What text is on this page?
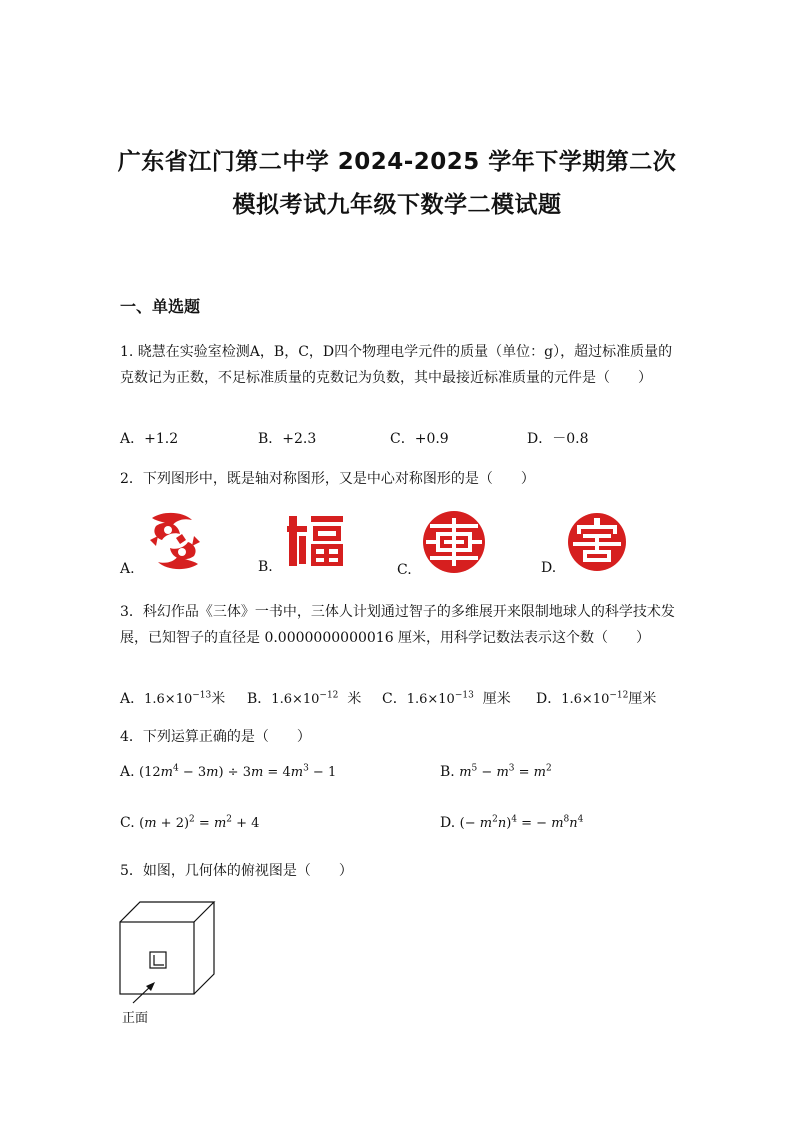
广东省江门第二中学 2024-2025 学年下学期第二次
模拟考试九年级下数学二模试题
一、单选题
1. 晓慧在实验室检测A，B，C，D四个物理电学元件的质量（单位：g），超过标准质量的克数记为正数，不足标准质量的克数记为负数，其中最接近标准质量的元件是（　　）
A．+1.2	B．+2.3	C．+0.9	D．－0.8
2．下列图形中，既是轴对称图形，又是中心对称图形的是（　　）
A.	B.	C.	D.
3．科幻作品《三体》一书中，三体人计划通过智子的多维展开来限制地球人的科学技术发展，已知智子的直径是 0.0000000000016 厘米，用科学记数法表示这个数（　　）
A．$1.6\times 10^{-13}$米 B．$1.6\times 10^{-12}$ 米 C．$1.6\times 10^{-13}$ 厘米 D．$1.6\times 10^{-12}$厘米
4．下列运算正确的是（　　）
A. $(12m^4 - 3m) \div 3m = 4m^3 - 1$	B. $m^5 - m^3 = m^2$
C. $(m + 2)^2 = m^2 + 4$	D. (− $m^2n)^4$ = − $m^8n^4$
5．如图，几何体的俯视图是（　　）
正面
